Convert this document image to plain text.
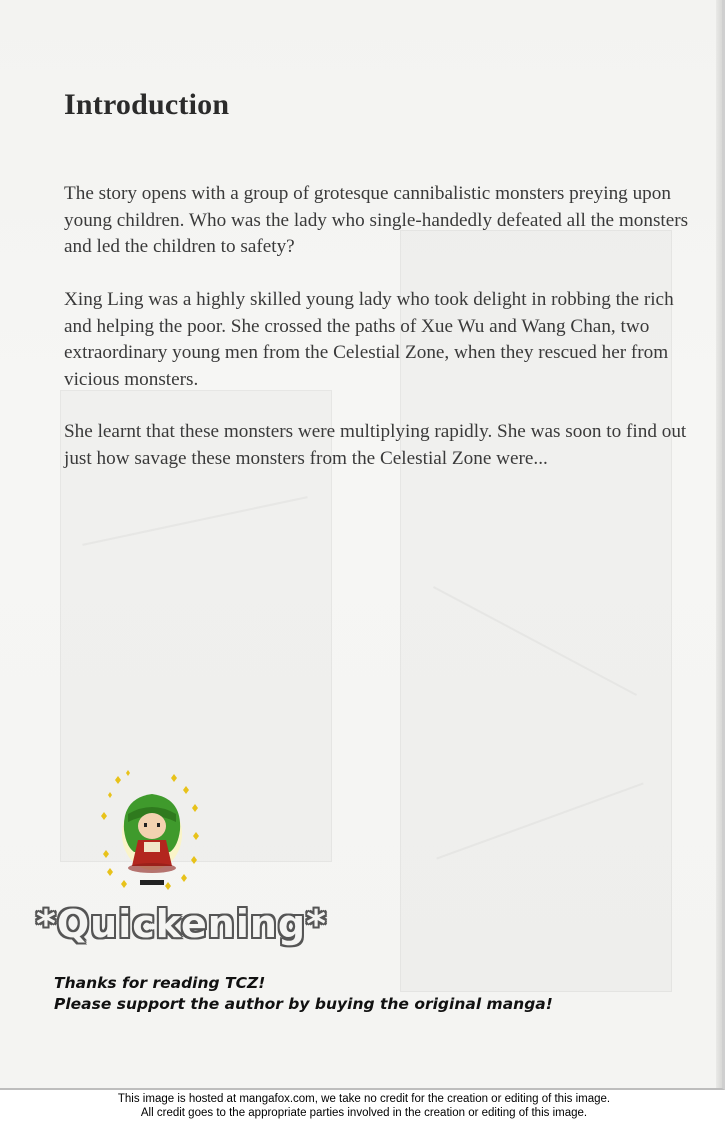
Introduction

The story opens with a group of grotesque cannibalistic monsters preying upon young children. Who was the lady who single-handedly defeated all the monsters and led the children to safety?

Xing Ling was a highly skilled young lady who took delight in robbing the rich and helping the poor. She crossed the paths of Xue Wu and Wang Chan, two extraordinary young men from the Celestial Zone, when they rescued her from vicious monsters.

She learnt that these monsters were multiplying rapidly. She was soon to find out just how savage these monsters from the Celestial Zone were...

*Quickening*

Thanks for reading TCZ!
Please support the author by buying the original manga!

This image is hosted at mangafox.com, we take no credit for the creation or editing of this image.
All credit goes to the appropriate parties involved in the creation or editing of this image.
